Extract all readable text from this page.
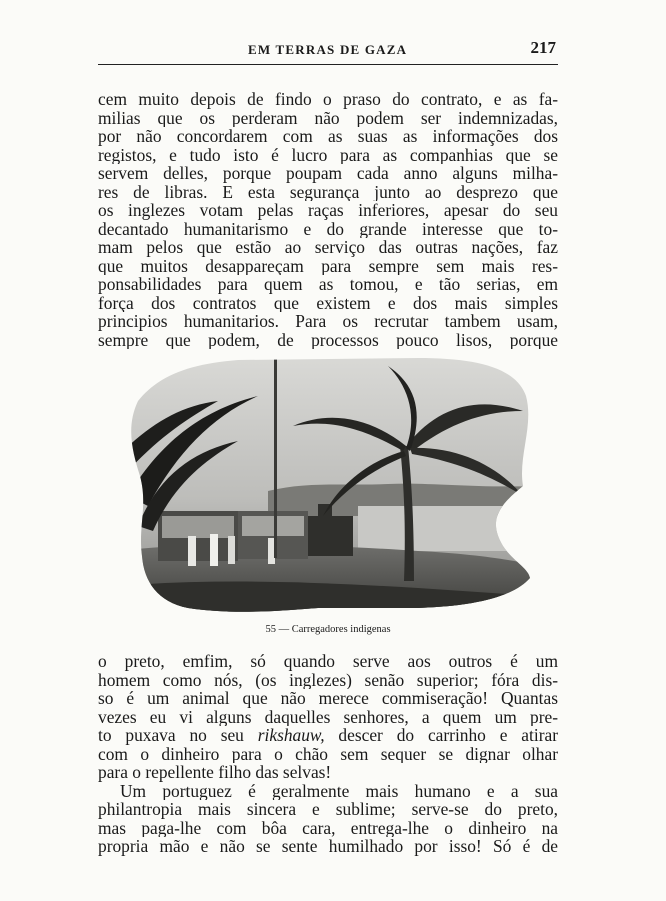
EM TERRAS DE GAZA	217
cem muito depois de findo o praso do contrato, e as fa-
milias que os perderam não podem ser indemnizadas,
por não concordarem com as suas as informações dos
registos, e tudo isto é lucro para as companhias que se
servem delles, porque poupam cada anno alguns milha-
res de libras. E esta segurança junto ao desprezo que
os inglezes votam pelas raças inferiores, apesar do seu
decantado humanitarismo e do grande interesse que to-
mam pelos que estão ao serviço das outras nações, faz
que muitos desappareçam para sempre sem mais res-
ponsabilidades para quem as tomou, e tão serias, em
força dos contratos que existem e dos mais simples
principios humanitarios. Para os recrutar tambem usam,
sempre que podem, de processos pouco lisos, porque
55 — Carregadores indigenas
o preto, emfim, só quando serve aos outros é um
homem como nós, (os inglezes) senão superior; fóra dis-
so é um animal que não merece commiseração! Quantas
vezes eu vi alguns daquelles senhores, a quem um pre-
to puxava no seu rikshauw, descer do carrinho e atirar
com o dinheiro para o chão sem sequer se dignar olhar
para o repellente filho das selvas!
Um portuguez é geralmente mais humano e a sua
philantropia mais sincera e sublime; serve-se do preto,
mas paga-lhe com bôa cara, entrega-lhe o dinheiro na
propria mão e não se sente humilhado por isso! Só é de
